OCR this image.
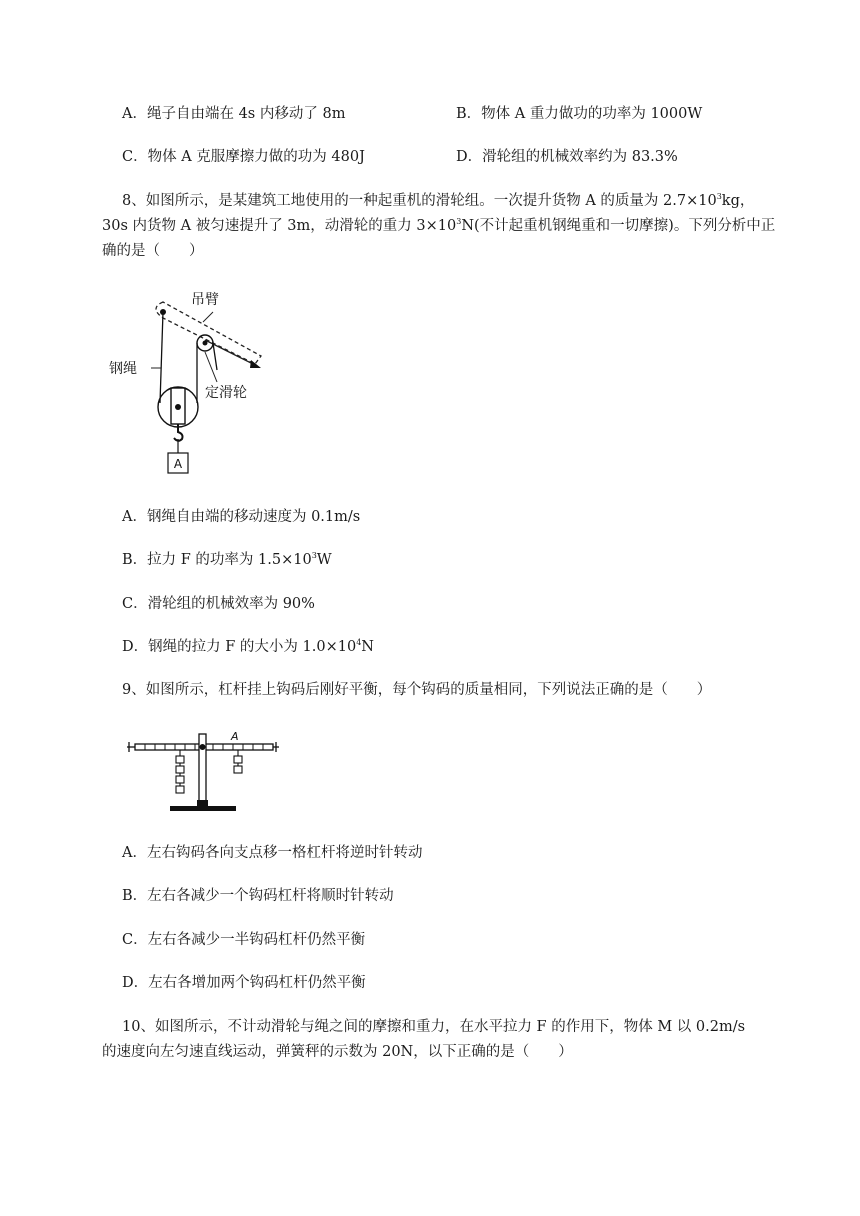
A．绳子自由端在 4s 内移动了 8m	B．物体 A 重力做功的功率为 1000W
C．物体 A 克服摩擦力做的功为 480J	D．滑轮组的机械效率约为 83.3%
8、如图所示，是某建筑工地使用的一种起重机的滑轮组。一次提升货物 A 的质量为 $2.7\times 10^3kg$，
30s 内货物 A 被匀速提升了 3m，动滑轮的重力 $3\times 10^3N$(不计起重机钢绳重和一切摩擦)。下列分析中正
确的是（　　）
吊臂
定滑轮
A
钢绳
A．钢绳自由端的移动速度为 0.1m/s
B．拉力 F 的功率为 $1.5\times 10^3W$
C．滑轮组的机械效率为 90%
D．钢绳的拉力 F 的大小为 $1.0\times 10^4N$
9、如图所示，杠杆挂上钩码后刚好平衡，每个钩码的质量相同，下列说法正确的是（　　）
A
A．左右钩码各向支点移一格杠杆将逆时针转动
B．左右各减少一个钩码杠杆将顺时针转动
C．左右各减少一半钩码杠杆仍然平衡
D．左右各增加两个钩码杠杆仍然平衡
10、如图所示，不计动滑轮与绳之间的摩擦和重力，在水平拉力 F 的作用下，物体 M 以 0.2m/s
的速度向左匀速直线运动，弹簧秤的示数为 20N，以下正确的是（　　）
